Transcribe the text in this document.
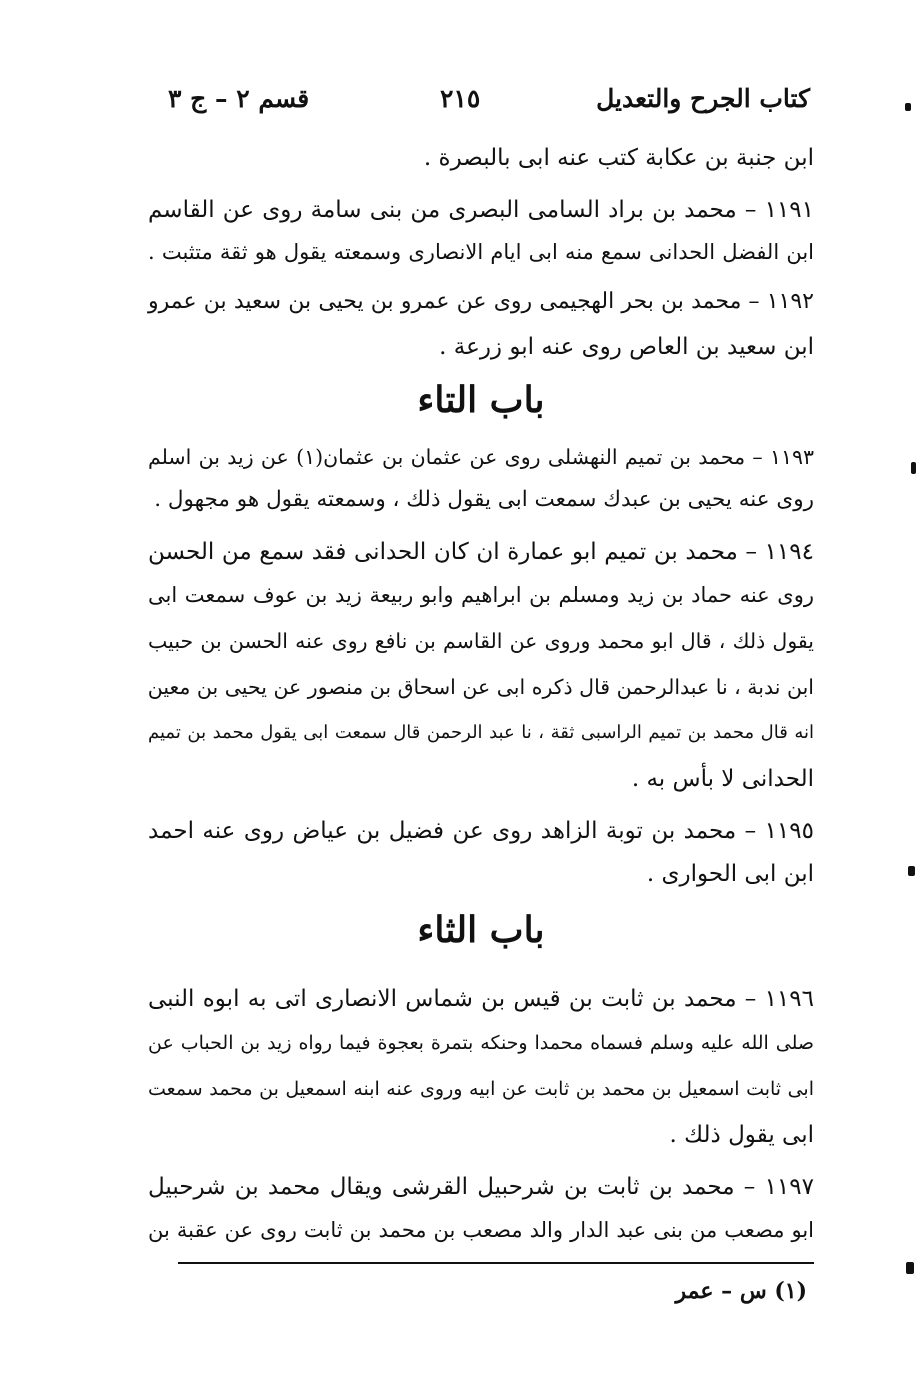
كتاب الجرح والتعديل
٢١٥
قسم ٢ – ج ٣
ابن جنبة بن عكابة كتب عنه ابى بالبصرة .
١١٩١ – محمد بن براد السامى البصرى من بنى سامة روى عن القاسم
ابن الفضل الحدانى سمع منه ابى ايام الانصارى وسمعته يقول هو ثقة متثبت .
١١٩٢ – محمد بن بحر الهجيمى روى عن عمرو بن يحيى بن سعيد بن عمرو
ابن سعيد بن العاص روى عنه ابو زرعة .
١١٩٣ – محمد بن تميم النهشلى روى عن عثمان بن عثمان(١) عن زيد بن اسلم
روى عنه يحيى بن عبدك سمعت ابى يقول ذلك ، وسمعته يقول هو مجهول .
١١٩٤ – محمد بن تميم ابو عمارة ان كان الحدانى فقد سمع من الحسن
روى عنه حماد بن زيد ومسلم بن ابراهيم وابو ربيعة زيد بن عوف سمعت ابى
يقول ذلك ، قال ابو محمد وروى عن القاسم بن نافع روى عنه الحسن بن حبيب
ابن ندبة ، نا عبدالرحمن قال ذكره ابى عن اسحاق بن منصور عن يحيى بن معين
انه قال محمد بن تميم الراسبى ثقة ، نا عبد الرحمن قال سمعت ابى يقول محمد بن تميم
الحدانى لا بأس به .
١١٩٥ – محمد بن توبة الزاهد روى عن فضيل بن عياض روى عنه احمد
ابن ابى الحوارى .
١١٩٦ – محمد بن ثابت بن قيس بن شماس الانصارى اتى به ابوه النبى
صلى الله عليه وسلم فسماه محمدا وحنكه بتمرة بعجوة فيما رواه زيد بن الحباب عن
ابى ثابت اسمعيل بن محمد بن ثابت عن ابيه وروى عنه ابنه اسمعيل بن محمد سمعت
ابى يقول ذلك .
١١٩٧ – محمد بن ثابت بن شرحبيل القرشى ويقال محمد بن شرحبيل
ابو مصعب من بنى عبد الدار والد مصعب بن محمد بن ثابت روى عن عقبة بن
باب التاء
باب الثاء
(١) س – عمر
